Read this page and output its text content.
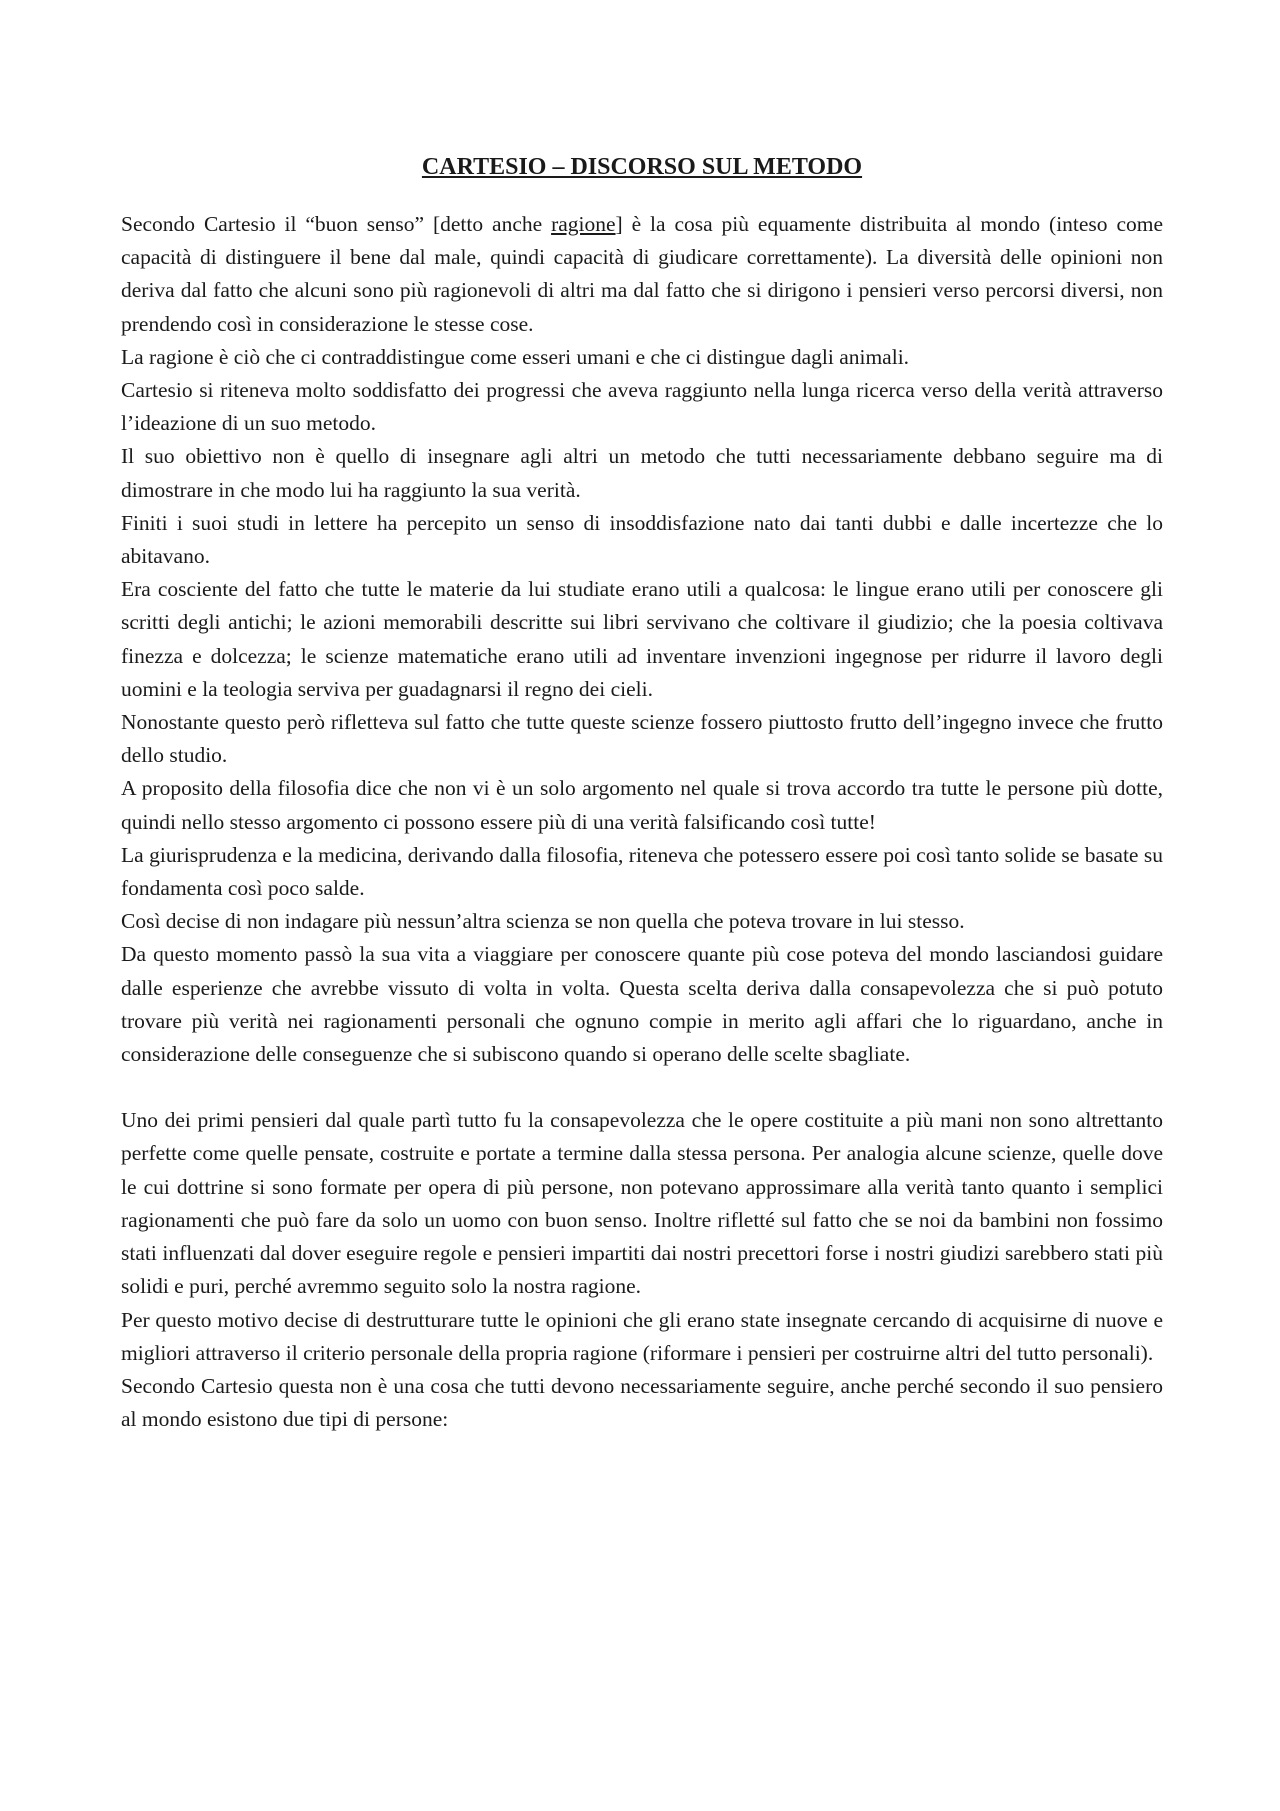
CARTESIO – DISCORSO SUL METODO

Secondo Cartesio il “buon senso” [detto anche ragione] è la cosa più equamente distribuita al mondo (inteso come capacità di distinguere il bene dal male, quindi capacità di giudicare correttamente). La diversità delle opinioni non deriva dal fatto che alcuni sono più ragionevoli di altri ma dal fatto che si dirigono i pensieri verso percorsi diversi, non prendendo così in considerazione le stesse cose.

La ragione è ciò che ci contraddistingue come esseri umani e che ci distingue dagli animali.

Cartesio si riteneva molto soddisfatto dei progressi che aveva raggiunto nella lunga ricerca verso della verità attraverso l’ideazione di un suo metodo.

Il suo obiettivo non è quello di insegnare agli altri un metodo che tutti necessariamente debbano seguire ma di dimostrare in che modo lui ha raggiunto la sua verità.

Finiti i suoi studi in lettere ha percepito un senso di insoddisfazione nato dai tanti dubbi e dalle incertezze che lo abitavano.

Era cosciente del fatto che tutte le materie da lui studiate erano utili a qualcosa: le lingue erano utili per conoscere gli scritti degli antichi; le azioni memorabili descritte sui libri servivano che coltivare il giudizio; che la poesia coltivava finezza e dolcezza; le scienze matematiche erano utili ad inventare invenzioni ingegnose per ridurre il lavoro degli uomini e la teologia serviva per guadagnarsi il regno dei cieli.

Nonostante questo però rifletteva sul fatto che tutte queste scienze fossero piuttosto frutto dell’ingegno invece che frutto dello studio.

A proposito della filosofia dice che non vi è un solo argomento nel quale si trova accordo tra tutte le persone più dotte, quindi nello stesso argomento ci possono essere più di una verità falsificando così tutte!

La giurisprudenza e la medicina, derivando dalla filosofia, riteneva che potessero essere poi così tanto solide se basate su fondamenta così poco salde.

Così decise di non indagare più nessun’altra scienza se non quella che poteva trovare in lui stesso.

Da questo momento passò la sua vita a viaggiare per conoscere quante più cose poteva del mondo lasciandosi guidare dalle esperienze che avrebbe vissuto di volta in volta. Questa scelta deriva dalla consapevolezza che si può potuto trovare più verità nei ragionamenti personali che ognuno compie in merito agli affari che lo riguardano, anche in considerazione delle conseguenze che si subiscono quando si operano delle scelte sbagliate.

Uno dei primi pensieri dal quale partì tutto fu la consapevolezza che le opere costituite a più mani non sono altrettanto perfette come quelle pensate, costruite e portate a termine dalla stessa persona. Per analogia alcune scienze, quelle dove le cui dottrine si sono formate per opera di più persone, non potevano approssimare alla verità tanto quanto i semplici ragionamenti che può fare da solo un uomo con buon senso. Inoltre rifletté sul fatto che se noi da bambini non fossimo stati influenzati dal dover eseguire regole e pensieri impartiti dai nostri precettori forse i nostri giudizi sarebbero stati più solidi e puri, perché avremmo seguito solo la nostra ragione.

Per questo motivo decise di destrutturare tutte le opinioni che gli erano state insegnate cercando di acquisirne di nuove e migliori attraverso il criterio personale della propria ragione (riformare i pensieri per costruirne altri del tutto personali).

Secondo Cartesio questa non è una cosa che tutti devono necessariamente seguire, anche perché secondo il suo pensiero al mondo esistono due tipi di persone:
